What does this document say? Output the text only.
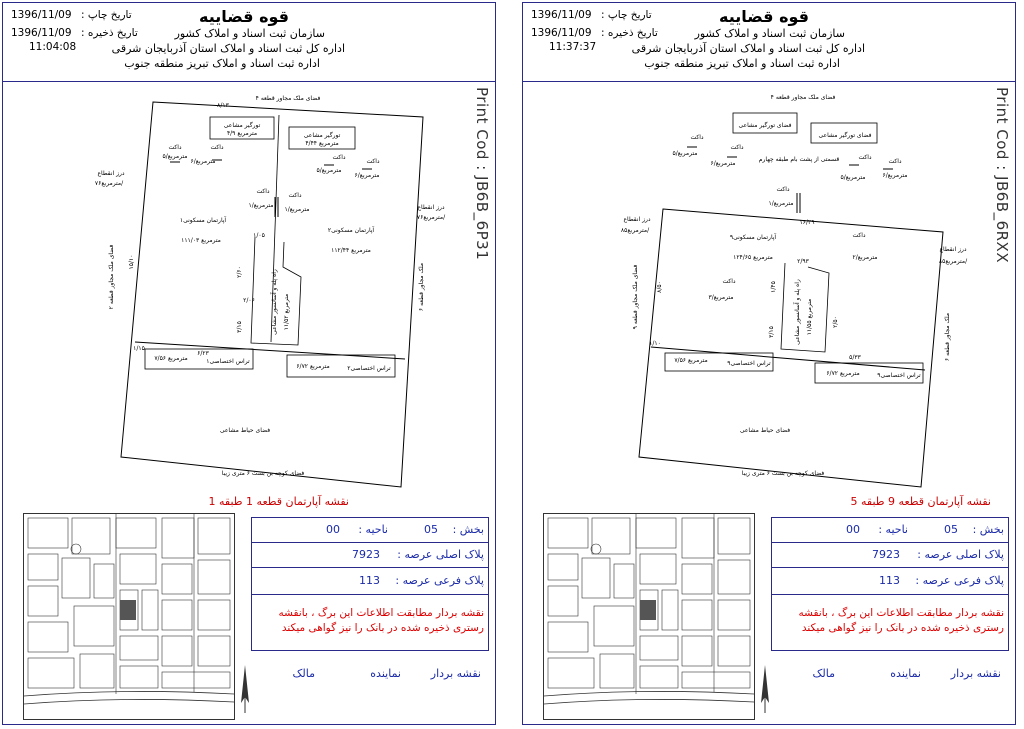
قوه قضاییه
سازمان ثبت اسناد و املاک کشور
اداره کل ثبت اسناد و املاک استان آذربایجان شرقی
اداره ثبت اسناد و املاک تبریز منطقه جنوب
1396/11/09 تاریخ چاپ :
1396/11/09 تاریخ ذخیره :
11:04:08
Print Cod : JB6B_6P31
فضای ملک مجاور قطعه ۴
۸/۱۳
تورگیر مشاعی
مترمربع ۴/۹	تورگیر مشاعی
مترمربع ۴/۴۴
داکت
مترمربع/۵
داکت
مترمربع/۶
مترمربع/۵
داکت
مترمربع/۶
داکت
داکت
مترمربع/۱
داکت
مترمربع/۱
درز انقطاع
مترمربع۷۶/
درز انقطاع
مترمربع۷۶/
آپارتمان مسکونی۱
مترمربع ۱۱۱/۰۳
آپارتمان مسکونی۲
مترمربع ۱۱۲/۴۴
۱/۰۵
۲/۶۰
۳/۱۵
۲/۰۶	راه پله و آسانسور مشاعی مترمربع ۱۱/۵۲
۱۵/۱۰
فضای ملک مجاور قطعه ۲
ملک مجاور قطعه ۶
۱/۱۵
۶/۲۳
تراس اختصاصی۱
مترمربع ۷/۵۶
تراس اختصاصی۲
مترمربع ۶/۷۲
فضای حیاط مشاعی
فضای کوچه بن بست ۶ متری زیبا
نقشه آپارتمان قطعه 1 طبقه 1
بخش :
05
ناحیه :
00
پلاک اصلی عرصه :
7923
پلاک فرعی عرصه :
113
نقشه بردار مطابقت اطلاعات این برگ ، بانقشه رستری ذخیره شده در بانک را نیز گواهی میکند
نقشه بردار
نماینده
مالک
قوه قضاییه
سازمان ثبت اسناد و املاک کشور
اداره کل ثبت اسناد و املاک استان آذربایجان شرقی
اداره ثبت اسناد و املاک تبریز منطقه جنوب
1396/11/09 تاریخ چاپ :
1396/11/09 تاریخ ذخیره :
11:37:37
Print Cod : JB6B_6RXX
فضای ملک مجاور قطعه ۴
فضای تورگیر مشاعی
فضای تورگیر مشاعی
قسمتی از پشت بام طبقه چهارم
داکت
مترمربع/۵
داکت
مترمربع/۶
داکت
مترمربع/۵
داکت
مترمربع/۶
داکت
مترمربع/۱
داکت
مترمربع/۲
داکت
مترمربع/۳
درز انقطاع
مترمربع۸۵/
درز انقطاع
مترمربع۸۵/
۱۶/۴۹
آپارتمان مسکونی۹
مترمربع ۱۲۴/۶۵
۲/۹۳
۱/۴۵
۳/۱۵
۲/۵۰
راه پله و آسانسور مشاعی مترمربع ۱۱/۵۵
۸/۵۰
فضای ملک مجاور قطعه ۹
ملک مجاور قطعه ۶
۱/۱۰
۵/۳۳
تراس اختصاصی۹
مترمربع ۷/۵۶
تراس اختصاصی۹
مترمربع ۶/۷۲
فضای حیاط مشاعی
فضای کوچه بن بست ۶ متری زیبا
نقشه آپارتمان قطعه 9 طبقه 5
بخش :
05
ناحیه :
00
پلاک اصلی عرصه :
7923
پلاک فرعی عرصه :
113
نقشه بردار مطابقت اطلاعات این برگ ، بانقشه رستری ذخیره شده در بانک را نیز گواهی میکند
نقشه بردار
نماینده
مالک
